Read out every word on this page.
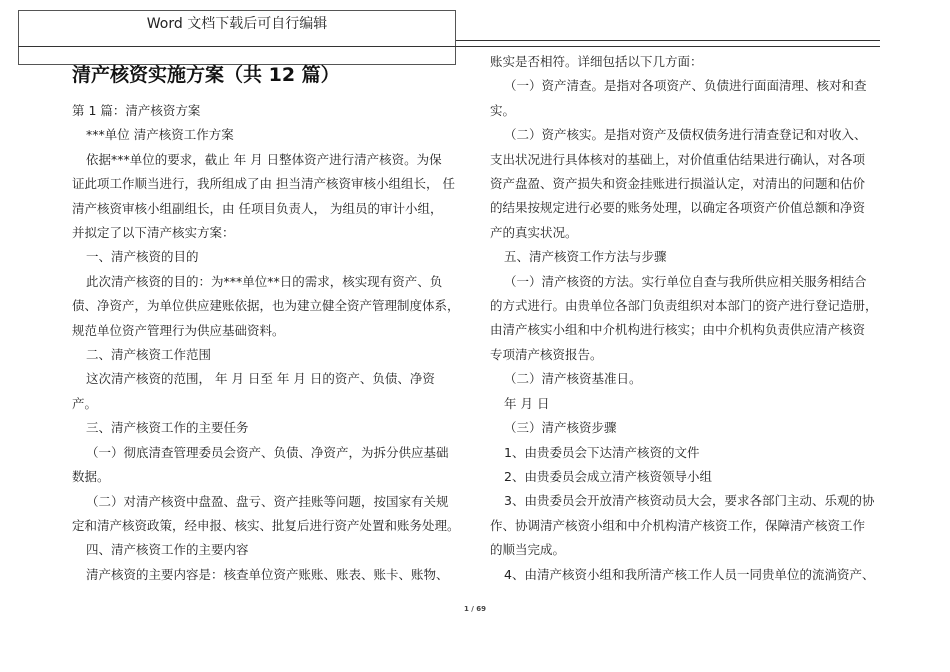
Word 文档下载后可自行编辑
清产核资实施方案（共 12 篇）

第 1 篇：清产核资方案

***单位 清产核资工作方案

依据***单位的要求，截止 年 月 日整体资产进行清产核资。为保

证此项工作顺当进行，我所组成了由 担当清产核资审核小组组长， 任

清产核资审核小组副组长，由 任项目负责人， 为组员的审计小组，

并拟定了以下清产核实方案：

一、清产核资的目的

此次清产核资的目的：为***单位**日的需求，核实现有资产、负

债、净资产，为单位供应建账依据，也为建立健全资产管理制度体系，

规范单位资产管理行为供应基础资料。

二、清产核资工作范围

这次清产核资的范围， 年 月 日至 年 月 日的资产、负债、净资

产。

三、清产核资工作的主要任务

（一）彻底清查管理委员会资产、负债、净资产，为拆分供应基础

数据。

（二）对清产核资中盘盈、盘亏、资产挂账等问题，按国家有关规

定和清产核资政策，经申报、核实、批复后进行资产处置和账务处理。

四、清产核资工作的主要内容

清产核资的主要内容是：核查单位资产账账、账表、账卡、账物、

账实是否相符。详细包括以下几方面：

（一）资产清查。是指对各项资产、负债进行面面清理、核对和查

实。

（二）资产核实。是指对资产及债权债务进行清查登记和对收入、

支出状况进行具体核对的基础上，对价值重估结果进行确认，对各项

资产盘盈、资产损失和资金挂账进行损溢认定，对清出的问题和估价

的结果按规定进行必要的账务处理，以确定各项资产价值总额和净资

产的真实状况。

五、清产核资工作方法与步骤

（一）清产核资的方法。实行单位自查与我所供应相关服务相结合

的方式进行。由贵单位各部门负责组织对本部门的资产进行登记造册，

由清产核实小组和中介机构进行核实；由中介机构负责供应清产核资

专项清产核资报告。

（二）清产核资基准日。

年 月 日

（三）清产核资步骤

1、由贵委员会下达清产核资的文件

2、由贵委员会成立清产核资领导小组

3、由贵委员会开放清产核资动员大会，要求各部门主动、乐观的协

作、协调清产核资小组和中介机构清产核资工作，保障清产核资工作

的顺当完成。

4、由清产核资小组和我所清产核工作人员一同贵单位的流淌资产、

1 / 69
